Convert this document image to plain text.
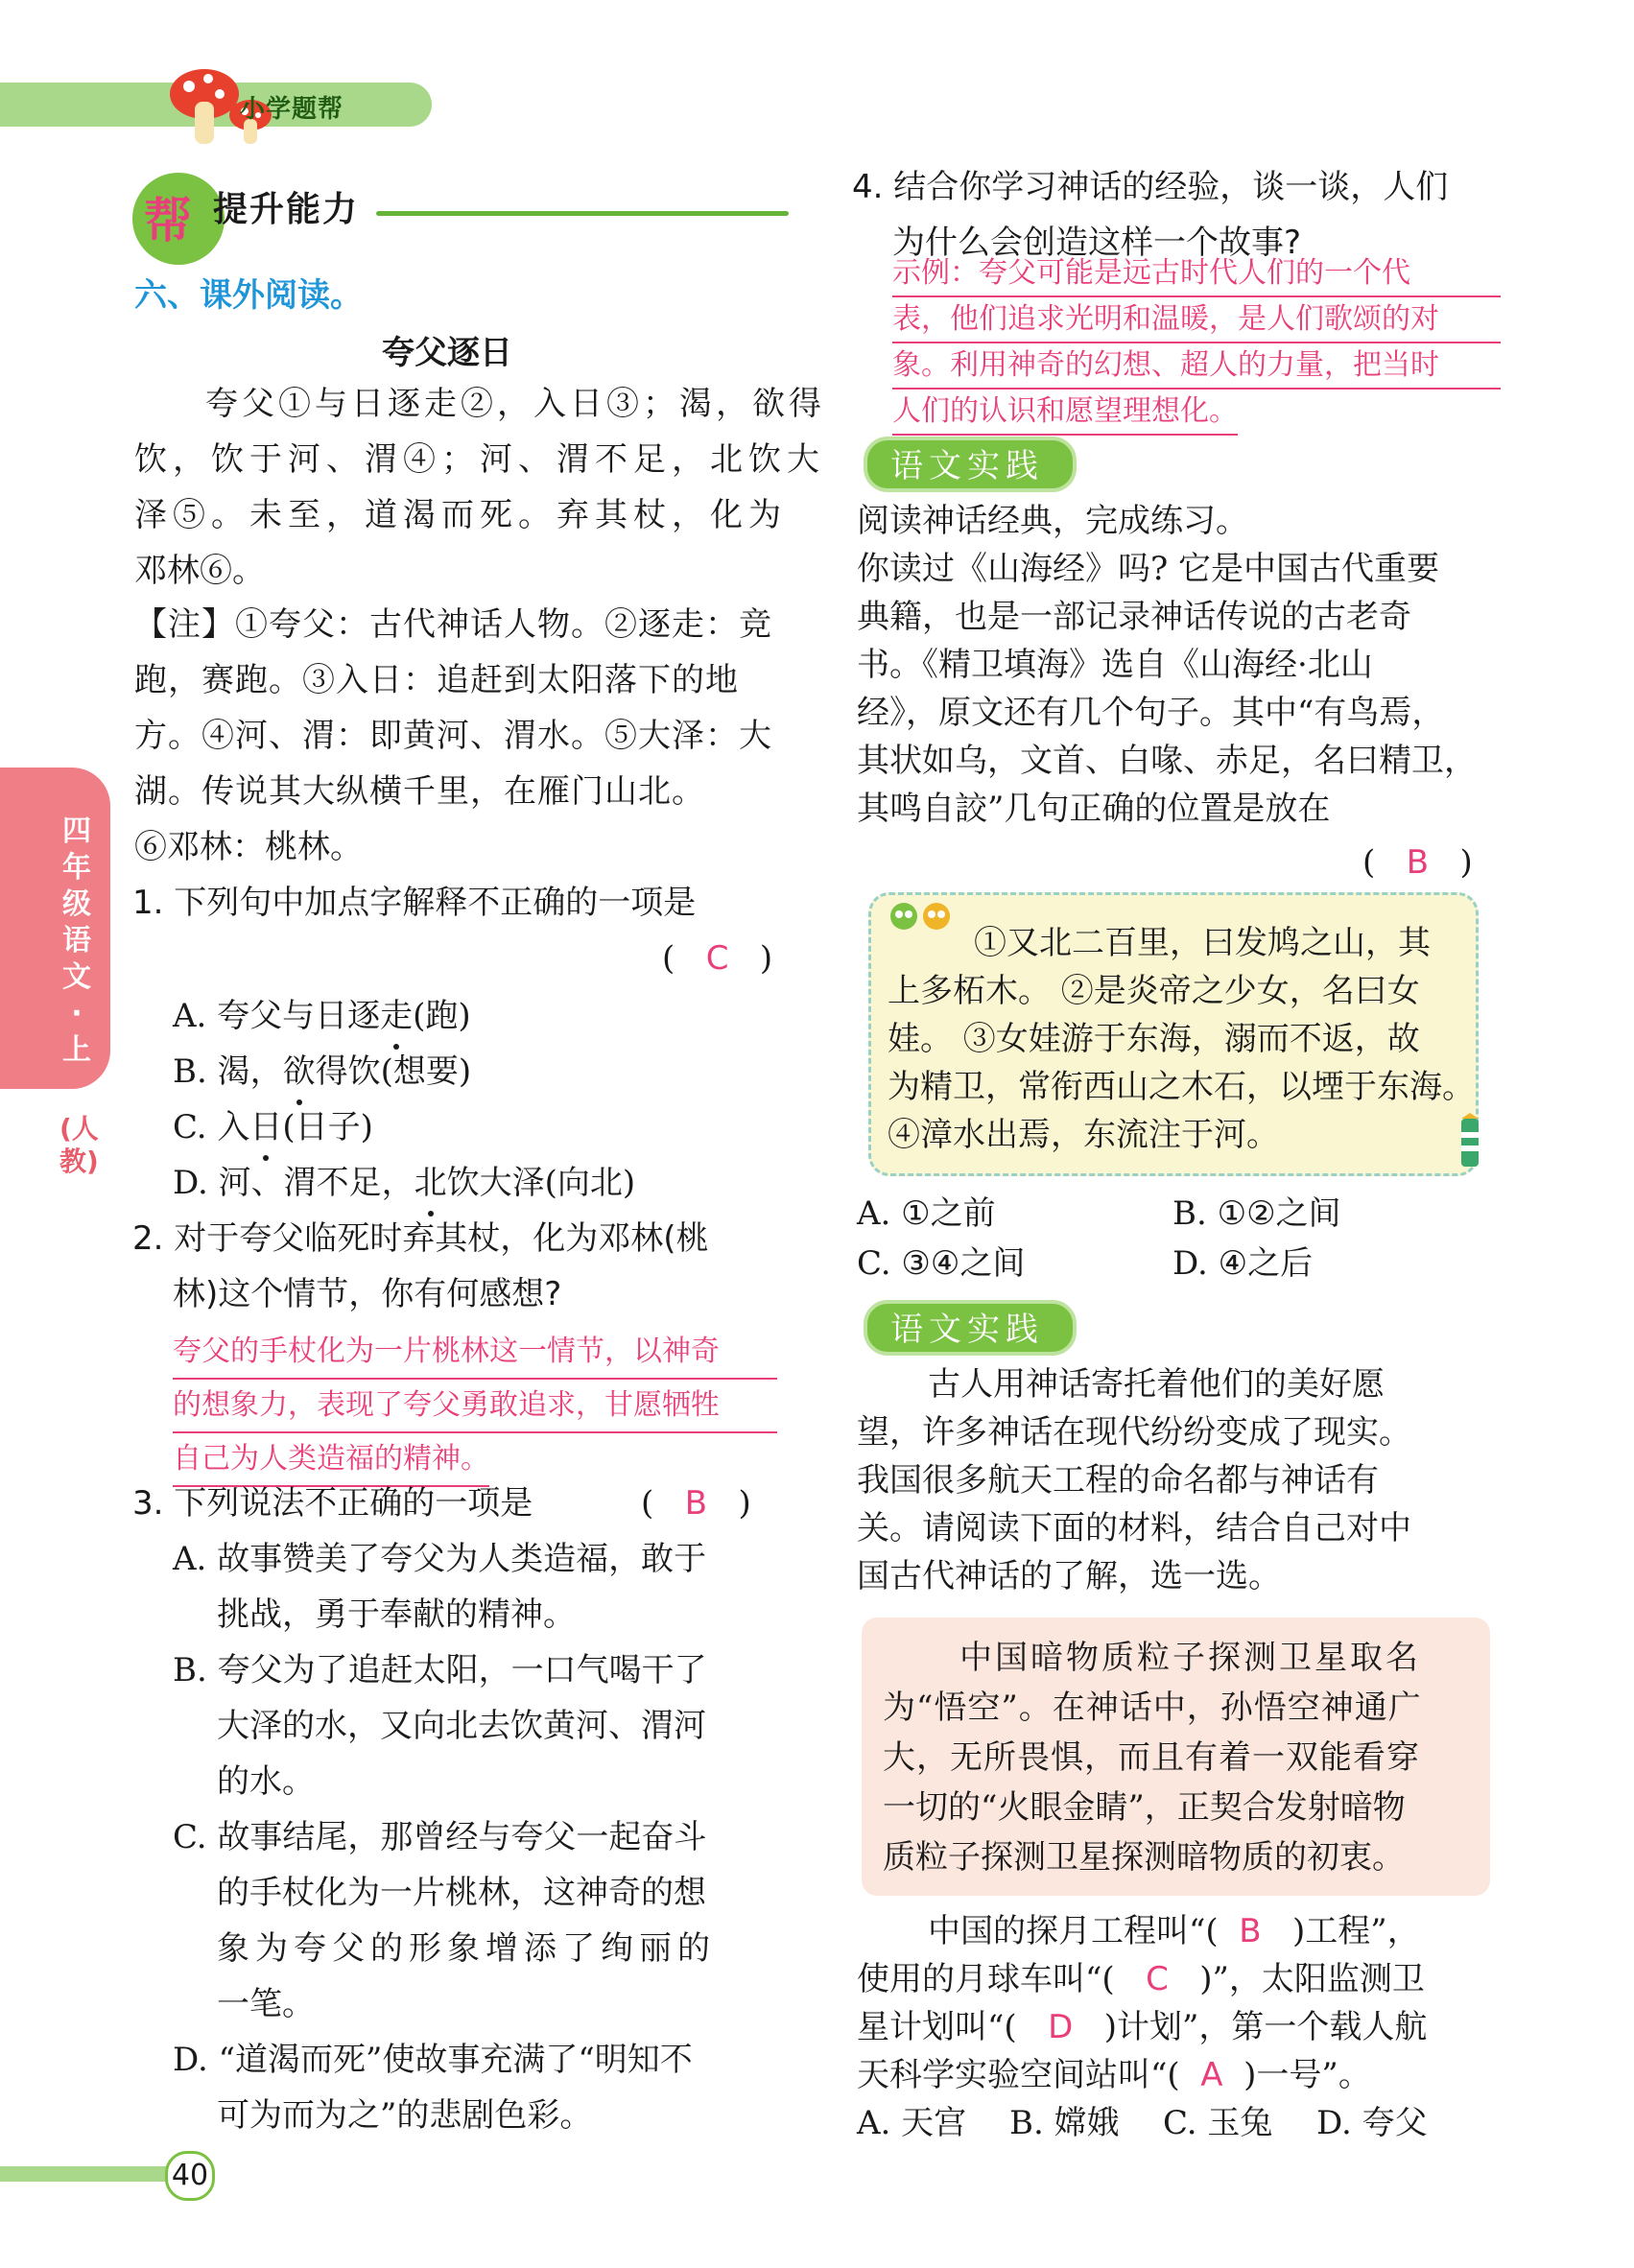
小学题帮
帮 提升能力
六、课外阅读。
夸父逐日
夸父①与日逐走②，入日③；渴，欲得
饮，饮于河、渭④；河、渭不足，北饮大
泽⑤。未至，道渴而死。弃其杖，化为
邓林⑥。
【注】①夸父：古代神话人物。②逐走：竞
跑，赛跑。③入日：追赶到太阳落下的地
方。④河、渭：即黄河、渭水。⑤大泽：大
湖。传说其大纵横千里，在雁门山北。
⑥邓林：桃林。
1. 下列句中加点字解释不正确的一项是
(   C   )
A. 夸父与日逐走(跑)
B. 渴，欲得饮(想要)
C. 入日(日子)
D. 河、渭不足，北饮大泽(向北)
2. 对于夸父临死时弃其杖，化为邓林(桃
林)这个情节，你有何感想?
夸父的手杖化为一片桃林这一情节，以神奇
的想象力，表现了夸父勇敢追求，甘愿牺牲
自己为人类造福的精神。
3. 下列说法不正确的一项是	(   B   )
A. 故事赞美了夸父为人类造福，敢于
挑战，勇于奉献的精神。
B. 夸父为了追赶太阳，一口气喝干了
大泽的水，又向北去饮黄河、渭河
的水。
C. 故事结尾，那曾经与夸父一起奋斗
的手杖化为一片桃林，这神奇的想
象为夸父的形象增添了绚丽的
一笔。
D. “道渴而死”使故事充满了“明知不
可为而为之”的悲剧色彩。
四年级语文·上
(人教)
4. 结合你学习神话的经验，谈一谈，人们
为什么会创造这样一个故事?
示例：夸父可能是远古时代人们的一个代
表，他们追求光明和温暖，是人们歌颂的对
象。利用神奇的幻想、超人的力量，把当时
人们的认识和愿望理想化。
语文实践
阅读神话经典，完成练习。
你读过《山海经》吗? 它是中国古代重要
典籍，也是一部记录神话传说的古老奇
书。《精卫填海》选自《山海经·北山
经》，原文还有几个句子。其中“有鸟焉，
其状如乌，文首、白喙、赤足，名曰精卫，
其鸣自詨”几句正确的位置是放在
(   B   )
①又北二百里，曰发鸠之山，其
上多柘木。 ②是炎帝之少女，名曰女
娃。 ③女娃游于东海，溺而不返，故
为精卫，常衔西山之木石，以堙于东海。
④漳水出焉，东流注于河。
A. ①之前	B. ①②之间
C. ③④之间	D. ④之后
语文实践
古人用神话寄托着他们的美好愿
望，许多神话在现代纷纷变成了现实。
我国很多航天工程的命名都与神话有
关。请阅读下面的材料，结合自己对中
国古代神话的了解，选一选。
中国暗物质粒子探测卫星取名
为“悟空”。在神话中，孙悟空神通广
大，无所畏惧，而且有着一双能看穿
一切的“火眼金睛”，正契合发射暗物
质粒子探测卫星探测暗物质的初衷。
中国的探月工程叫“( B )工程”，
使用的月球车叫“( C )”，太阳监测卫
星计划叫“( D )计划”，第一个载人航
天科学实验空间站叫“( A )一号”。
A. 天宫 B. 嫦娥 C. 玉兔 D. 夸父
40
